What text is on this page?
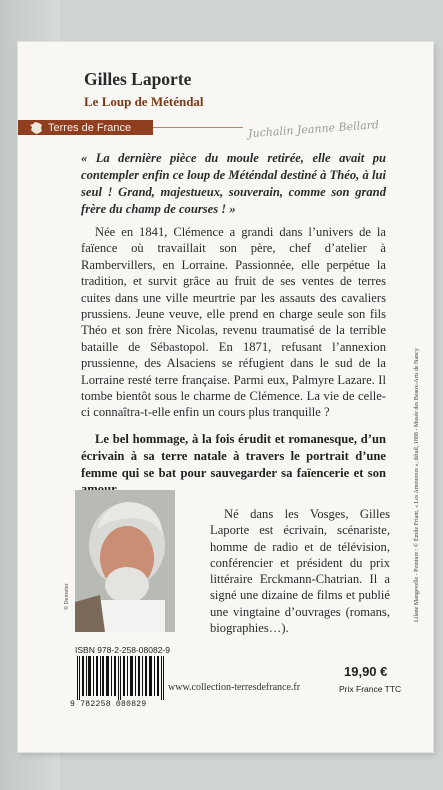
Gilles Laporte
Le Loup de Météndal
Terres de France	Juchalin Jeanne Bellard

« La dernière pièce du moule retirée, elle avait pu contempler enfin ce loup de Météndal destiné à Théo, à lui seul ! Grand, majestueux, souverain, comme son grand frère du champ de courses ! »

Née en 1841, Clémence a grandi dans l’univers de la faïence où travaillait son père, chef d’atelier à Rambervillers, en Lorraine. Passionnée, elle perpétue la tradition, et survit grâce au fruit de ses ventes de terres cuites dans une ville meurtrie par les assauts des cavaliers prussiens. Jeune veuve, elle prend en charge seule son fils Théo et son frère Nicolas, revenu traumatisé de la terrible bataille de Sébastopol. En 1871, refusant l’annexion prussienne, des Alsaciens se réfugient dans le sud de la Lorraine resté terre française. Parmi eux, Palmyre Lazare. Il tombe bientôt sous le charme de Clémence. La vie de celle-ci connaîtra-t-elle enfin un cours plus tranquille ?

Le bel hommage, à la fois érudit et romanesque, d’un écrivain à sa terre natale à travers le portrait d’une femme qui se bat pour sauvegarder sa faïencerie et son

© Demeter

Né dans les Vosges, Gilles Laporte est écrivain, scénariste, homme de radio et de télévision, conférencier et président du prix littéraire Erckmann-Chatrian. Il a signé une dizaine de films et publié une vingtaine d’ouvrages (romans, biographies…).

ISBN 978-2-258-08082-9
9 782258 080829
www.collection-terresdefrance.fr
19,90 €
Prix France TTC
Lilane Mangevelle - Peinture : © Émile Friant, « Les Amoureux », détail, 1888 - Musée des Beaux-Arts de Nancy
